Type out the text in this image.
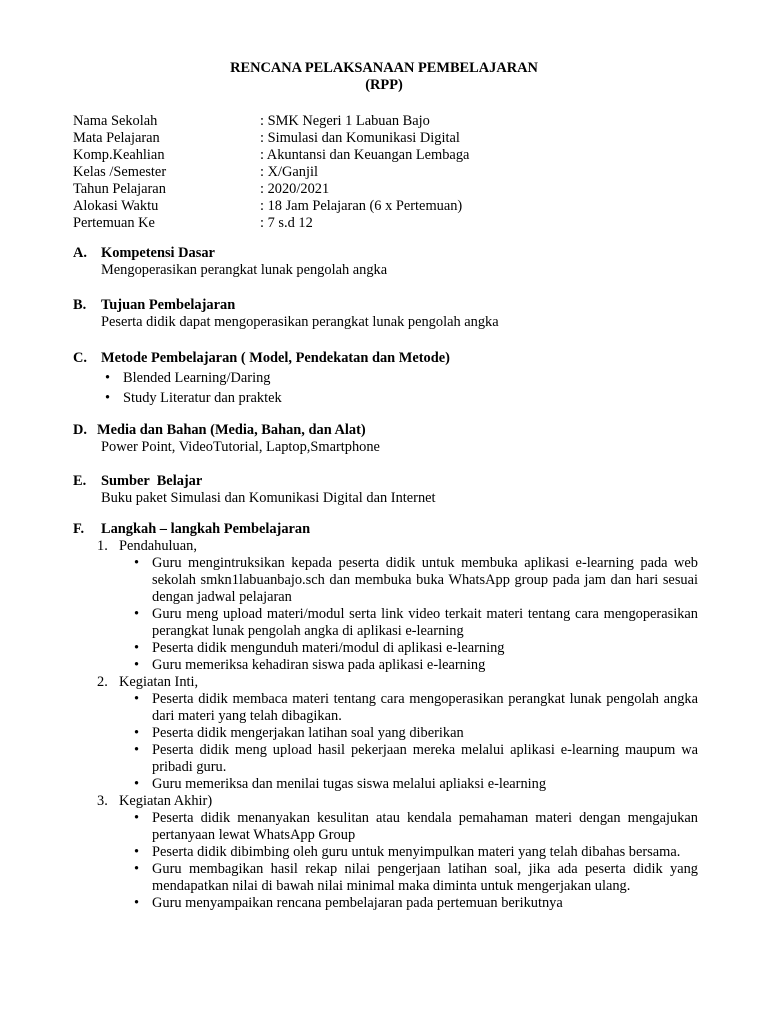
RENCANA PELAKSANAAN PEMBELAJARAN
(RPP)
Nama Sekolah	: SMK Negeri 1 Labuan Bajo
Mata Pelajaran	: Simulasi dan Komunikasi Digital
Komp.Keahlian	: Akuntansi dan Keuangan Lembaga
Kelas /Semester	: X/Ganjil
Tahun Pelajaran	: 2020/2021
Alokasi Waktu	: 18 Jam Pelajaran (6 x Pertemuan)
Pertemuan Ke	: 7 s.d 12
A. Kompetensi Dasar
Mengoperasikan perangkat lunak pengolah angka
B.	Tujuan Pembelajaran
Peserta didik dapat mengoperasikan perangkat lunak pengolah angka
C. Metode Pembelajaran ( Model, Pendekatan dan Metode)
• Blended Learning/Daring
• Study Literatur dan praktek
D. Media dan Bahan (Media, Bahan, dan Alat)
Power Point, VideoTutorial, Laptop,Smartphone
E.	Sumber  Belajar
Buku paket Simulasi dan Komunikasi Digital dan Internet
F.	Langkah – langkah Pembelajaran
1. Pendahuluan,
• Guru mengintruksikan kepada peserta didik untuk membuka aplikasi e-learning pada web sekolah smkn1labuanbajo.sch dan membuka buka WhatsApp group pada jam dan hari sesuai dengan jadwal pelajaran
• Guru meng upload materi/modul serta link video terkait materi tentang cara mengoperasikan perangkat lunak pengolah angka di aplikasi e-learning
• Peserta didik mengunduh materi/modul di aplikasi e-learning
• Guru memeriksa kehadiran siswa pada aplikasi e-learning
2. Kegiatan Inti,
• Peserta didik membaca materi tentang cara mengoperasikan perangkat lunak pengolah angka dari materi yang telah dibagikan.
• Peserta didik mengerjakan latihan soal yang diberikan
• Peserta didik meng upload hasil pekerjaan mereka melalui aplikasi e-learning maupum wa pribadi guru.
• Guru memeriksa dan menilai tugas siswa melalui apliaksi e-learning
3. Kegiatan Akhir)
• Peserta didik menanyakan kesulitan atau kendala pemahaman materi dengan mengajukan pertanyaan lewat WhatsApp Group
• Peserta didik dibimbing oleh guru untuk menyimpulkan materi yang telah dibahas bersama.
• Guru membagikan hasil rekap nilai pengerjaan latihan soal, jika ada peserta didik yang mendapatkan nilai di bawah nilai minimal maka diminta untuk mengerjakan ulang.
• Guru menyampaikan rencana pembelajaran pada pertemuan berikutnya
